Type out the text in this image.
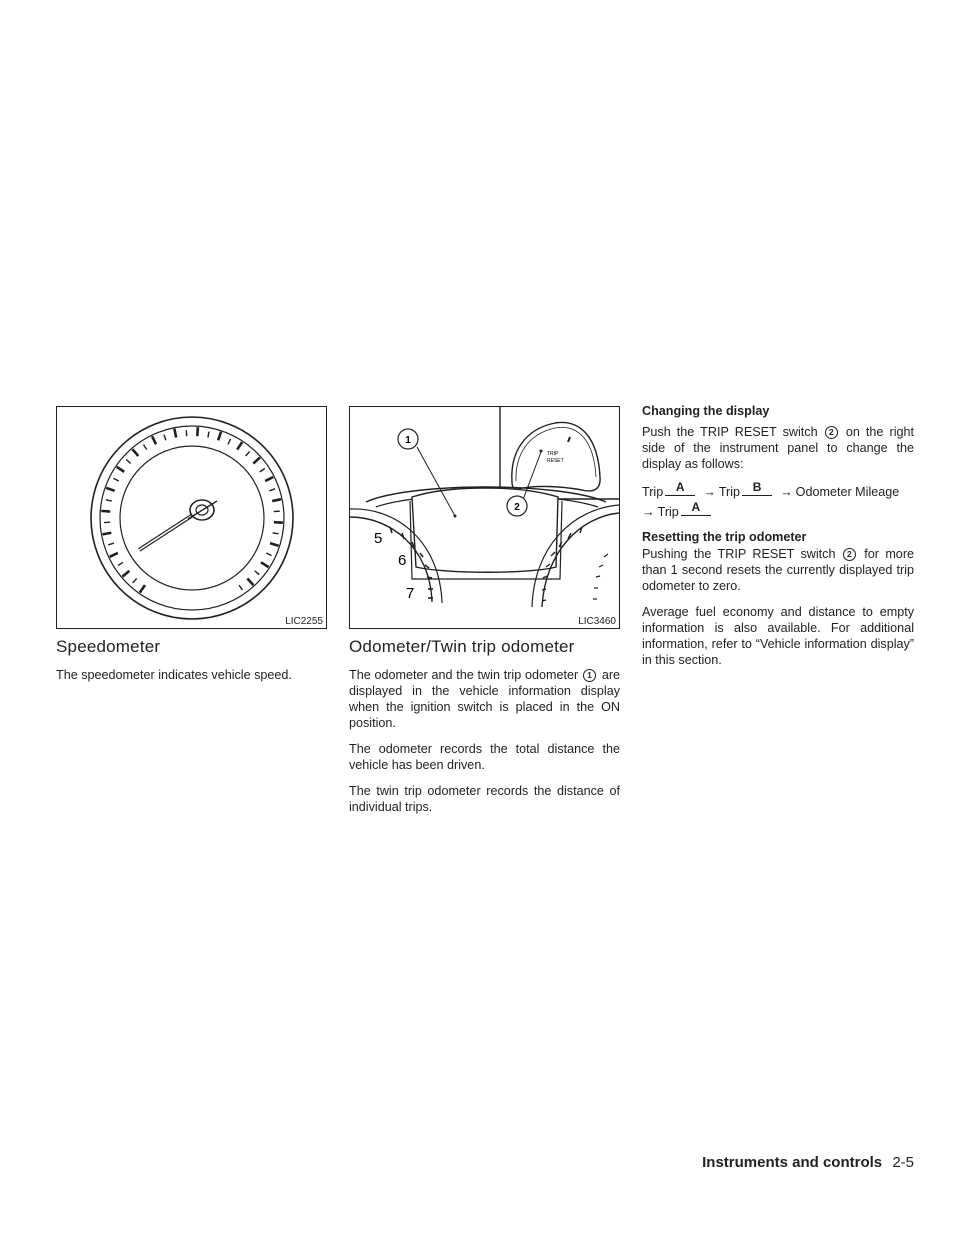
LIC2255
Speedometer

The speedometer indicates vehicle speed.

TRIP
RESET
5
6
7
1
2
LIC3460
Odometer/Twin trip odometer

The odometer and the twin trip odometer 1 are displayed in the vehicle information display when the ignition switch is placed in the ON position.

The odometer records the total distance the vehicle has been driven.

The twin trip odometer records the distance of individual trips.

Changing the display

Push the TRIP RESET switch 2 on the right side of the instrument panel to change the display as follows:

Trip	A	→ Trip	B	→ Odometer Mileage
→ Trip	A
Resetting the trip odometer

Pushing the TRIP RESET switch 2 for more than 1 second resets the currently displayed trip odometer to zero.

Average fuel economy and distance to empty information is also available. For additional information, refer to “Vehicle information display” in this section.

Instruments and controls 2-5
